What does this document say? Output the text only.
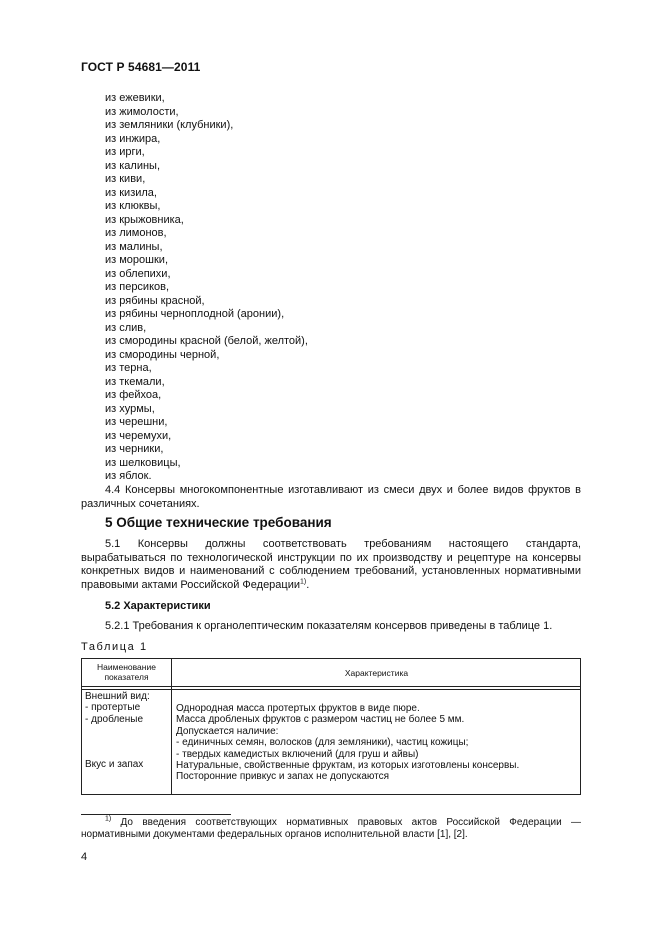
ГОСТ Р 54681—2011
из ежевики,
из жимолости,
из земляники (клубники),
из инжира,
из ирги,
из калины,
из киви,
из кизила,
из клюквы,
из крыжовника,
из лимонов,
из малины,
из морошки,
из облепихи,
из персиков,
из рябины красной,
из рябины черноплодной (аронии),
из слив,
из смородины красной (белой, желтой),
из смородины черной,
из терна,
из ткемали,
из фейхоа,
из хурмы,
из черешни,
из черемухи,
из черники,
из шелковицы,
из яблок.

4.4 Консервы многокомпонентные изготавливают из смеси двух и более видов фруктов в различных сочетаниях.

5 Общие технические требования

5.1 Консервы должны соответствовать требованиям настоящего стандарта, вырабатываться по технологической инструкции по их производству и рецептуре на консервы конкретных видов и наименований с соблюдением требований, установленных нормативными правовыми актами Российской Федерации$^{1)}$.

5.2 Характеристики

5.2.1 Требования к органолептическим показателям консервов приведены в таблице 1.

Таблица 1
Наименование
показателя	Характеристика
Внешний вид:
- протертые
- дробленые
Вкус и запах
Однородная масса протертых фруктов в виде пюре.
Масса дробленых фруктов с размером частиц не более 5 мм.
Допускается наличие:
- единичных семян, волосков (для земляники), частиц кожицы;
- твердых камедистых включений (для груш и айвы)
Натуральные, свойственные фруктам, из которых изготовлены консервы.
Посторонние привкус и запах не допускаются

$^{1)}$ До введения соответствующих нормативных правовых актов Российской Федерации — нормативными документами федеральных органов исполнительной власти [1], [2].

4
